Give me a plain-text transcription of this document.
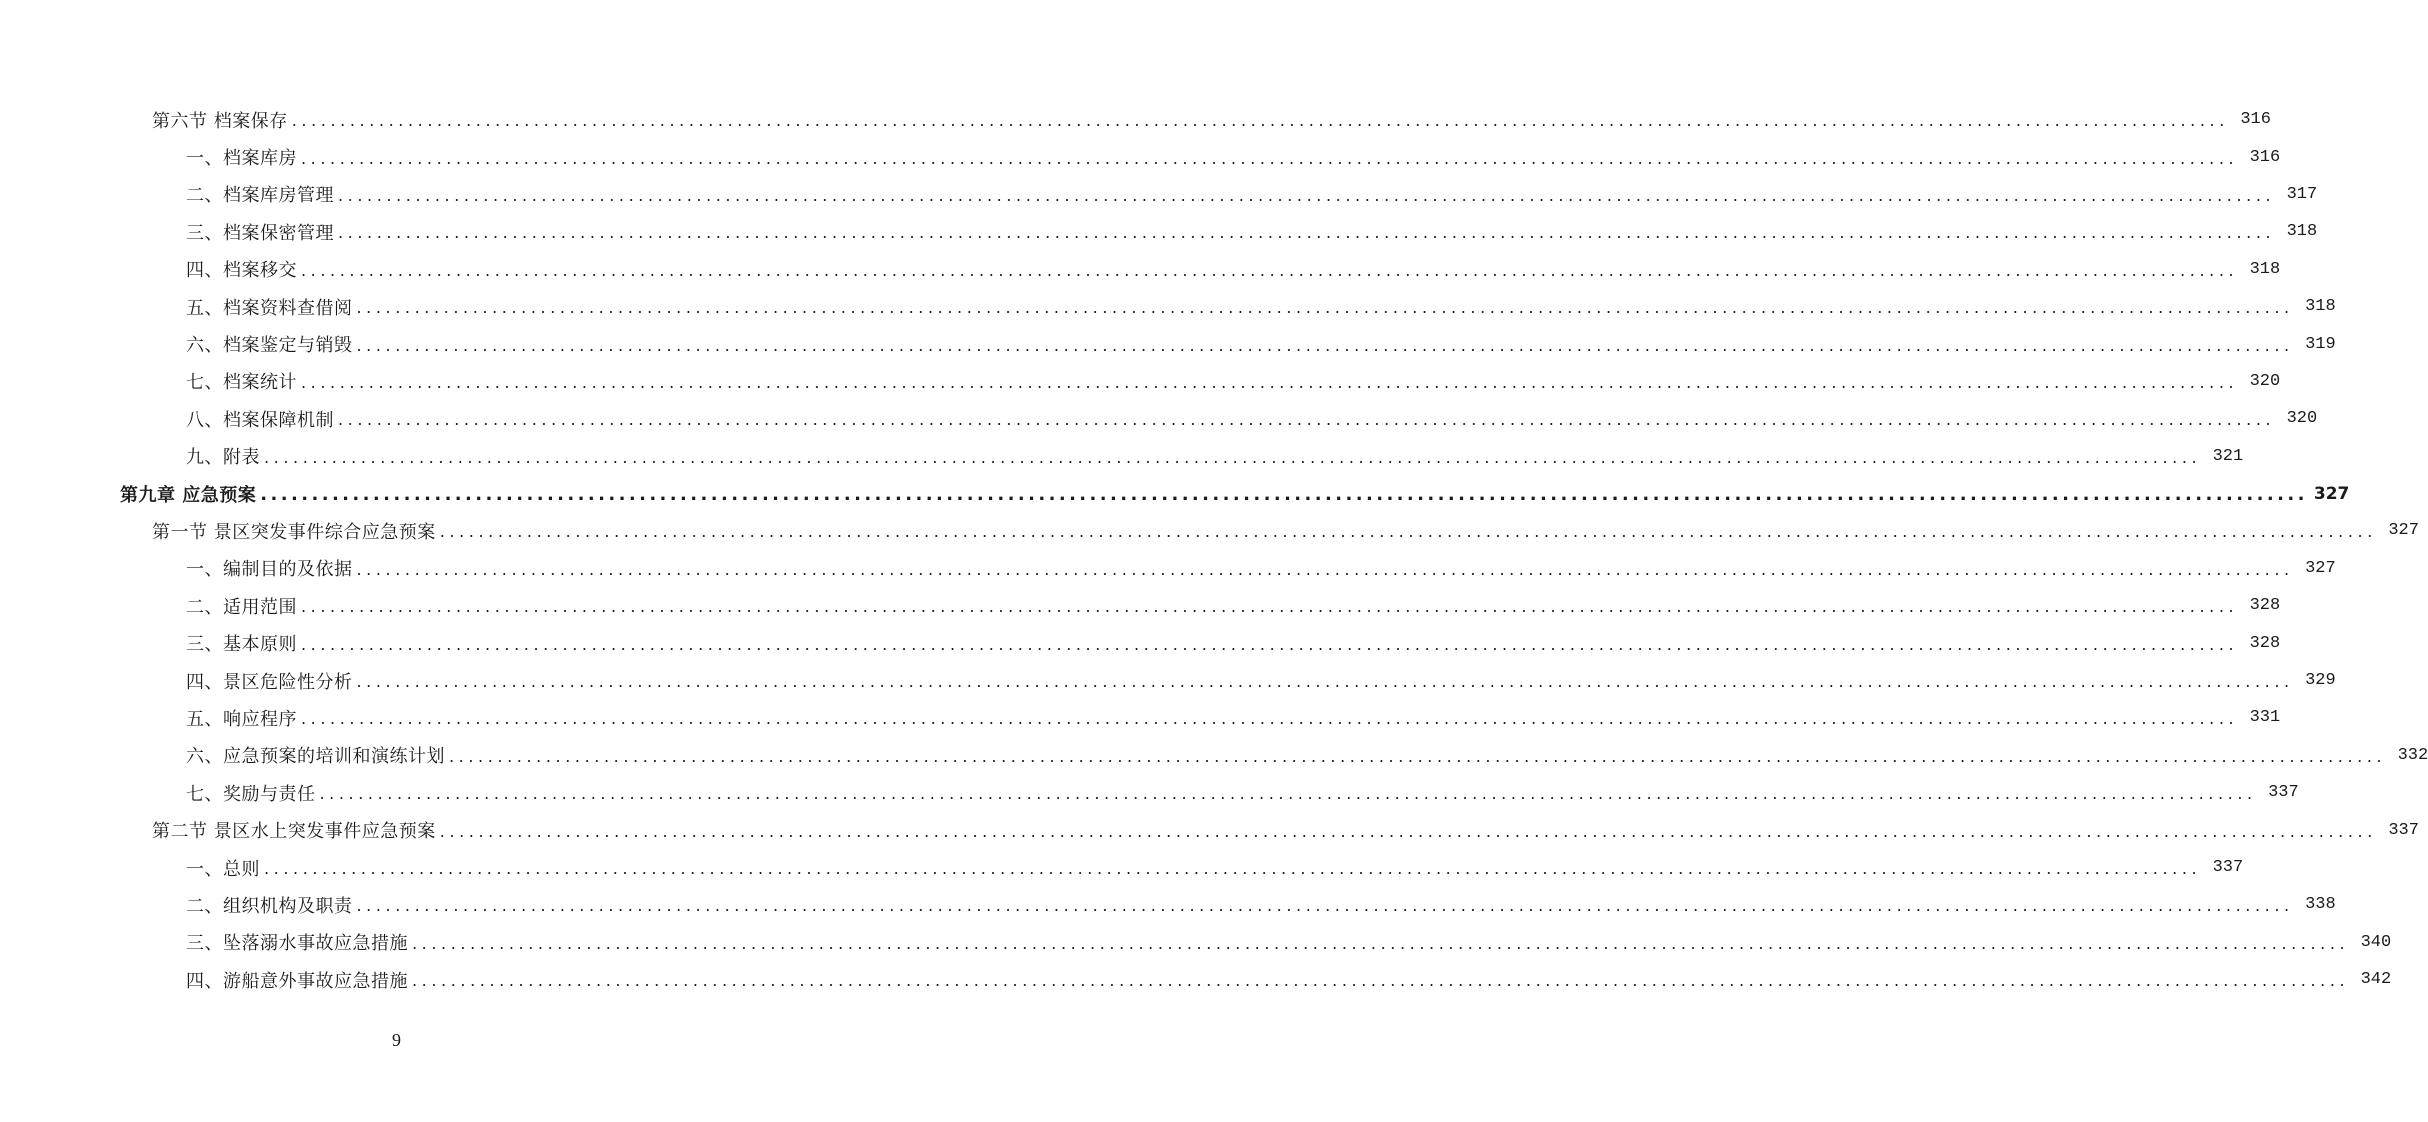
第六节 档案保存 ........................................................................................................................................................................................................ 316
一、档案库房 ........................................................................................................................................................................................................ 316
二、档案库房管理 ........................................................................................................................................................................................................ 317
三、档案保密管理 ........................................................................................................................................................................................................ 318
四、档案移交 ........................................................................................................................................................................................................ 318
五、档案资料查借阅 ........................................................................................................................................................................................................ 318
六、档案鉴定与销毁 ........................................................................................................................................................................................................ 319
七、档案统计 ........................................................................................................................................................................................................ 320
八、档案保障机制 ........................................................................................................................................................................................................ 320
九、附表 ........................................................................................................................................................................................................ 321
第九章 应急预案 ........................................................................................................................................................................................................ 327
第一节 景区突发事件综合应急预案 ........................................................................................................................................................................................................ 327
一、编制目的及依据 ........................................................................................................................................................................................................ 327
二、适用范围 ........................................................................................................................................................................................................ 328
三、基本原则 ........................................................................................................................................................................................................ 328
四、景区危险性分析 ........................................................................................................................................................................................................ 329
五、响应程序 ........................................................................................................................................................................................................ 331
六、应急预案的培训和演练计划 ........................................................................................................................................................................................................ 332
七、奖励与责任 ........................................................................................................................................................................................................ 337
第二节 景区水上突发事件应急预案 ........................................................................................................................................................................................................ 337
一、总则 ........................................................................................................................................................................................................ 337
二、组织机构及职责 ........................................................................................................................................................................................................ 338
三、坠落溺水事故应急措施 ........................................................................................................................................................................................................ 340
四、游船意外事故应急措施 ........................................................................................................................................................................................................ 342
9
